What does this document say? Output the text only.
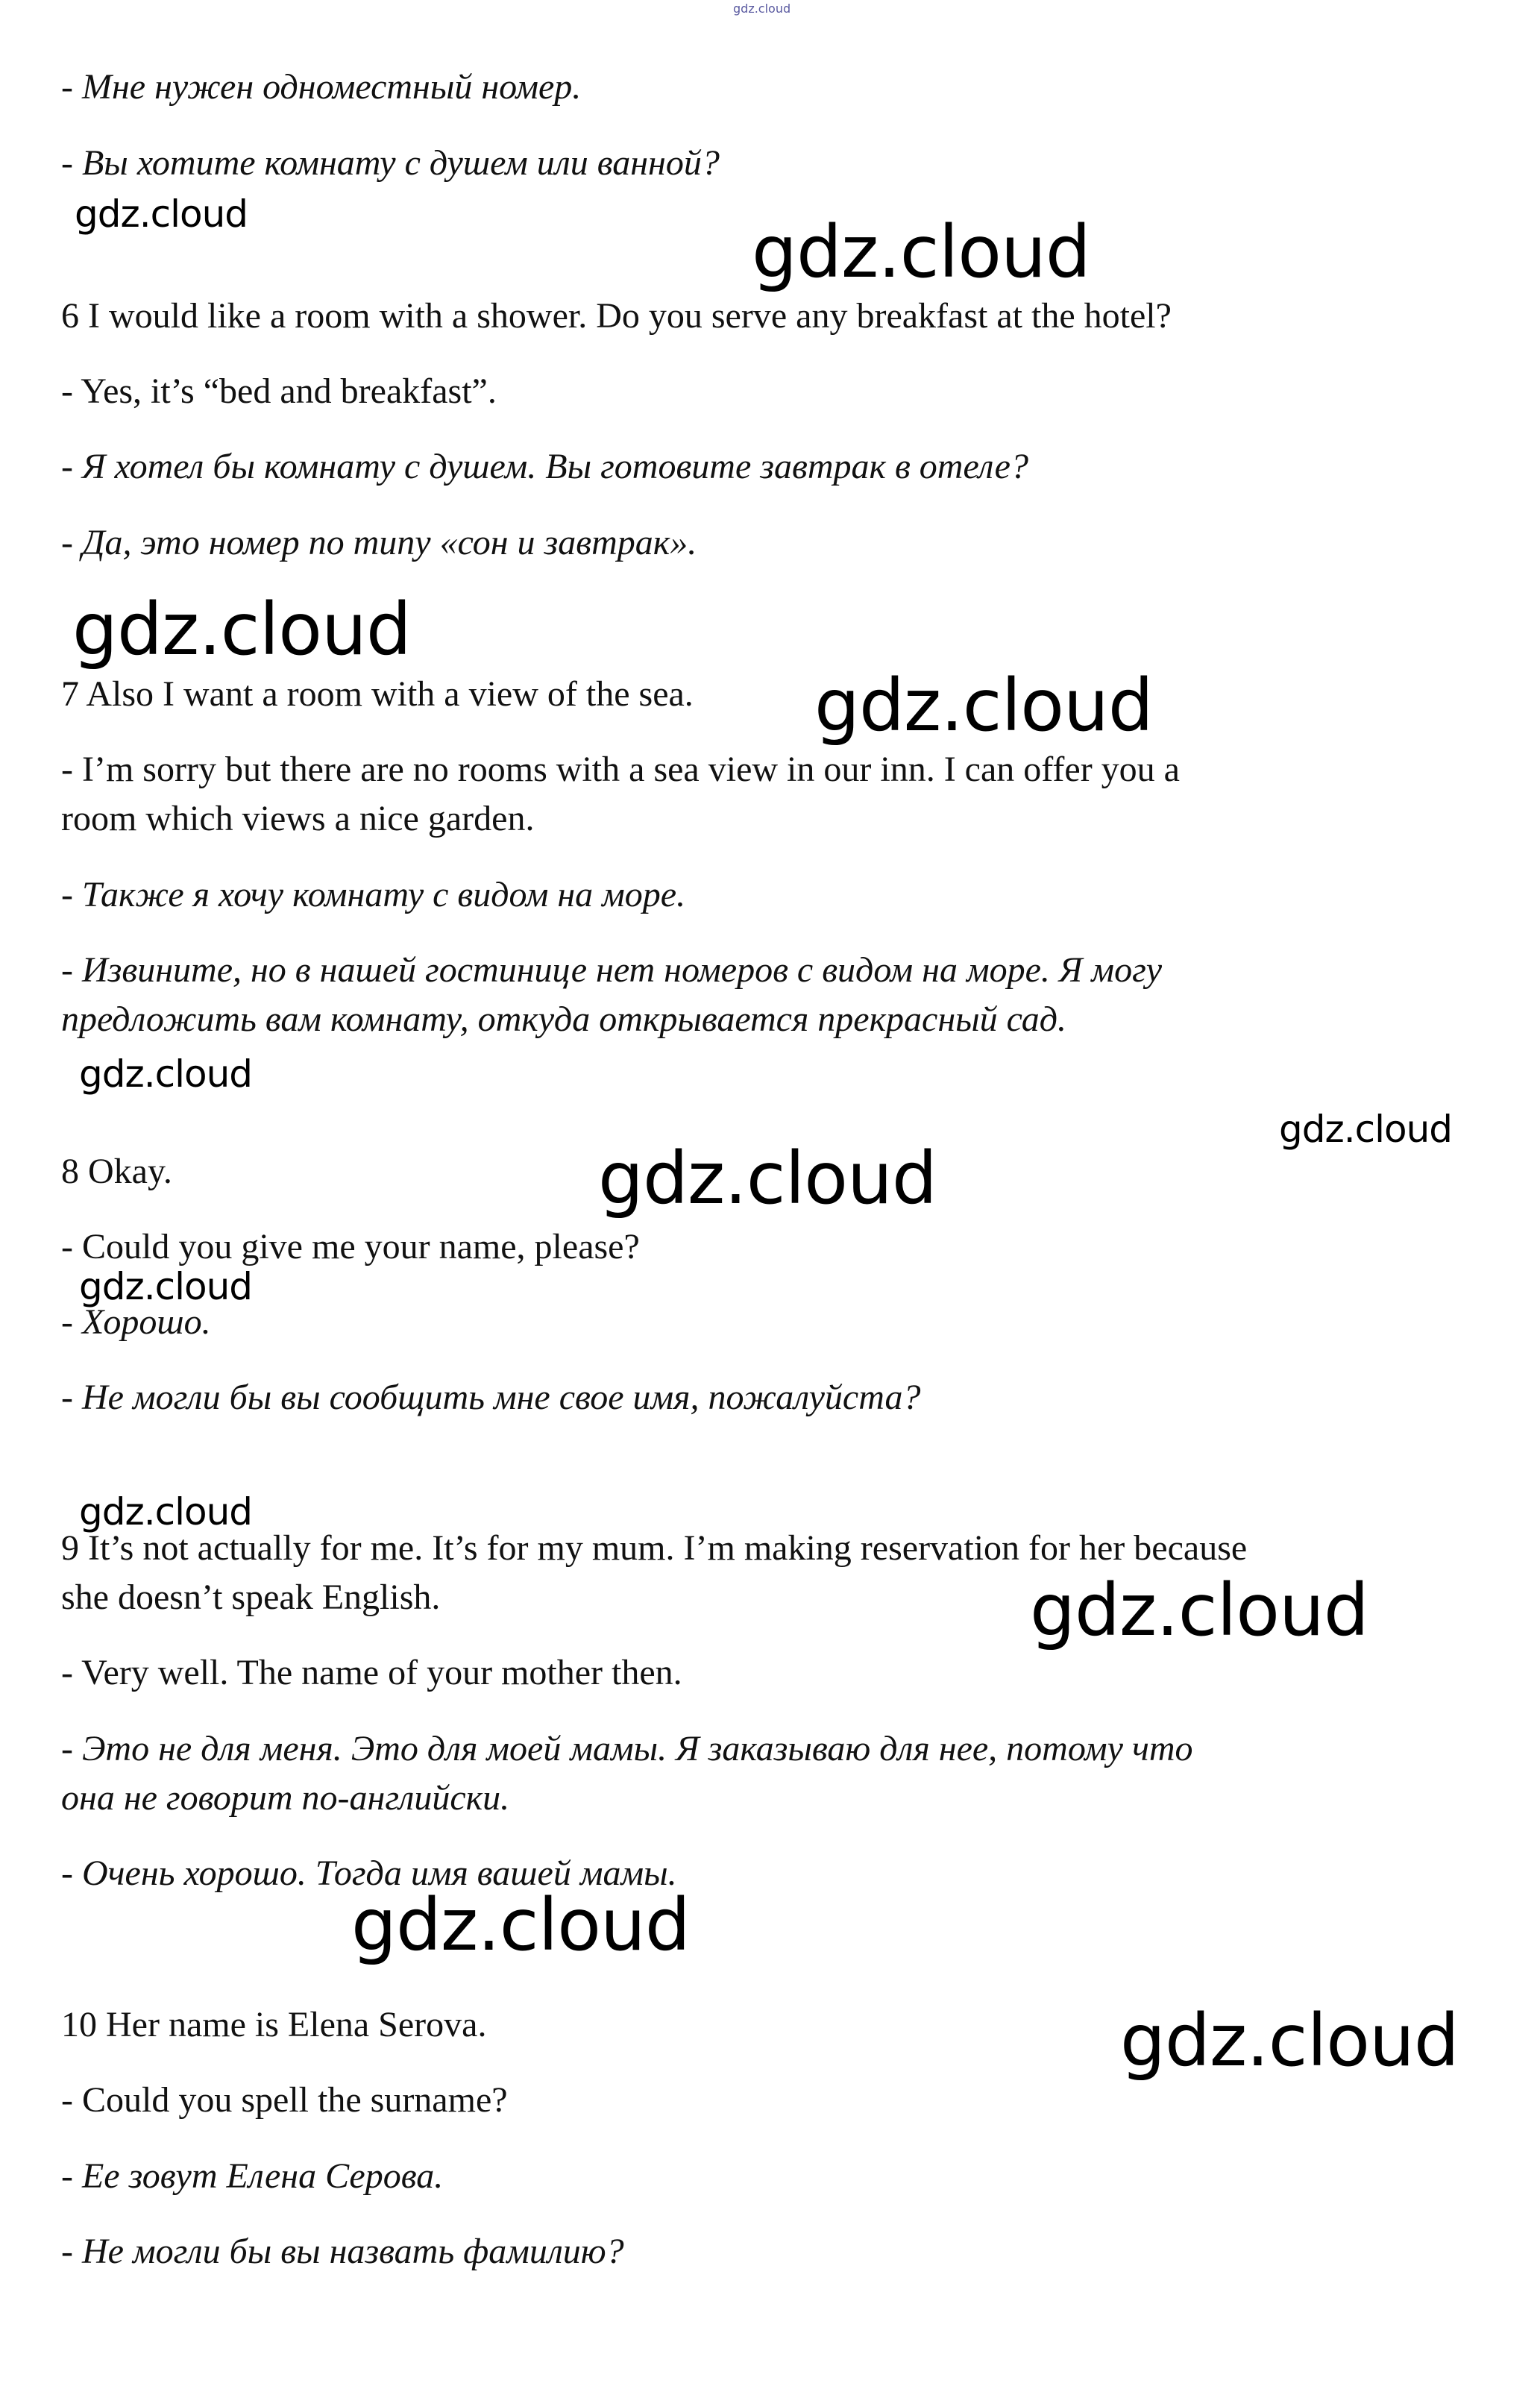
gdz.cloud

- Мне нужен одноместный номер.

- Вы хотите комнату с душем или ванной?

6 I would like a room with a shower. Do you serve any breakfast at the hotel?

- Yes, it’s “bed and breakfast”.

- Я хотел бы комнату с душем. Вы готовите завтрак в отеле?

- Да, это номер по типу «сон и завтрак».

7 Also I want a room with a view of the sea.

- I’m sorry but there are no rooms with a sea view in our inn. I can offer you a

room which views a nice garden.

- Также я хочу комнату с видом на море.

- Извините, но в нашей гостинице нет номеров с видом на море. Я могу

предложить вам комнату, откуда открывается прекрасный сад.

8 Okay.

- Could you give me your name, please?

- Хорошо.

- Не могли бы вы сообщить мне свое имя, пожалуйста?

9 It’s not actually for me. It’s for my mum. I’m making reservation for her because

she doesn’t speak English.

- Very well. The name of your mother then.

- Это не для меня. Это для моей мамы. Я заказываю для нее, потому что

она не говорит по-английски.

- Очень хорошо. Тогда имя вашей мамы.

10 Her name is Elena Serova.

- Could you spell the surname?

- Ее зовут Елена Серова.

- Не могли бы вы назвать фамилию?

gdz.cloud	gdz.cloud
gdz.cloud
gdz.cloud
gdz.cloud
gdz.cloud
gdz.cloud
gdz.cloud
gdz.cloud
gdz.cloud
gdz.cloud
gdz.cloud
